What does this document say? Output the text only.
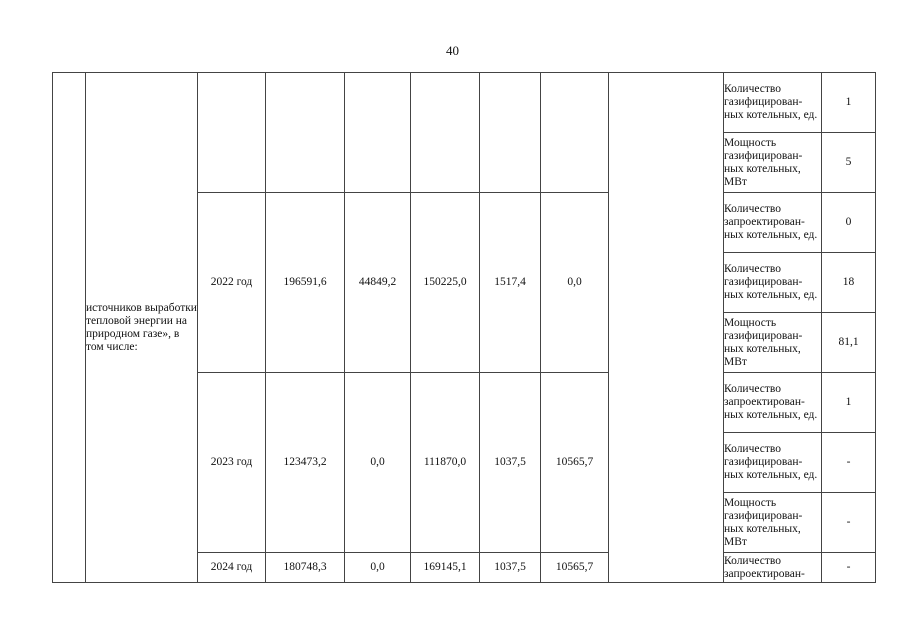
40
	источников выработки тепловой энергии на природном газе», в том числе:								Количество газифицирован-ных котельных, ед.	1
									Мощность газифицирован-ных котельных, МВт	5
		2022 год	196591,6	44849,2	150225,0	1517,4	0,0		Количество запроектирован-ных котельных, ед.	0
									Количество газифицирован-ных котельных, ед.	18
									Мощность газифицирован-ных котельных, МВт	81,1
		2023 год	123473,2	0,0	111870,0	1037,5	10565,7		Количество запроектирован-ных котельных, ед.	1
									Количество газифицирован-ных котельных, ед.	-
									Мощность газифицирован-ных котельных, МВт	-
		2024 год	180748,3	0,0	169145,1	1037,5	10565,7		Количество запроектирован-	-
